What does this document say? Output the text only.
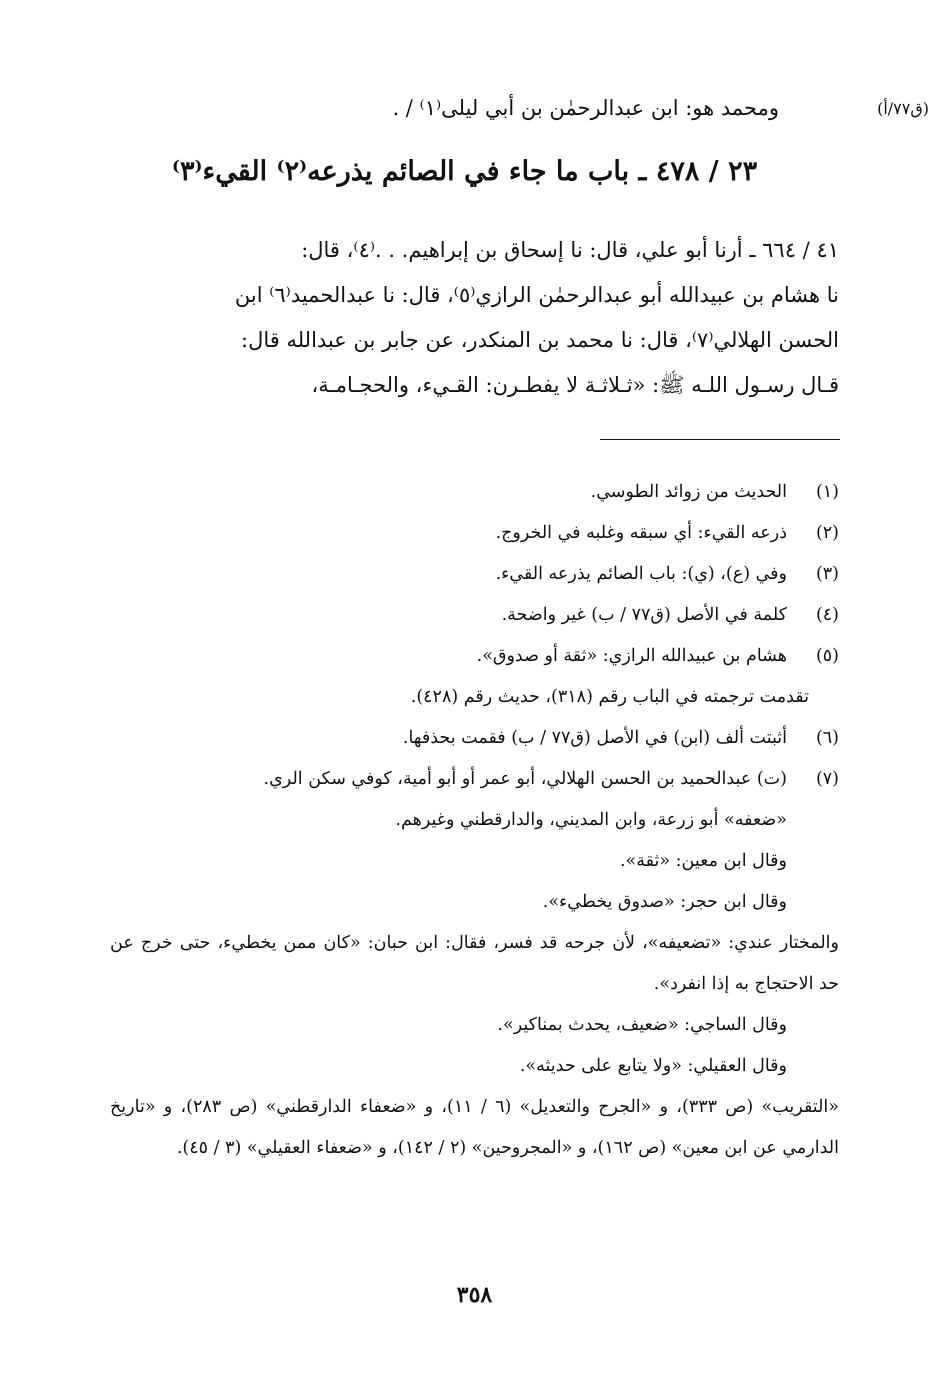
(ق٧٧/أ)
ومحمد هو: ابن عبدالرحمٰن بن أبي ليلى⁽١⁾ / .
٢٣ / ٤٧٨ ـ باب ما جاء في الصائم يذرعه⁽٢⁾ القيء⁽٣⁾

٤١ / ٦٦٤ ـ أرنا أبو علي، قال: نا إسحاق بن إبراهيم. . .⁽٤⁾، قال:

نا هشام بن عبيدالله أبو عبدالرحمٰن الرازي⁽٥⁾، قال: نا عبدالحميد⁽٦⁾ ابن

الحسن الهلالي⁽٧⁾، قال: نا محمد بن المنكدر، عن جابر بن عبدالله قال:

قـال رسـول اللـه ﷺ: «ثـلاثـة لا يفطـرن: القـيء، والحجـامـة،

(١)الحديث من زوائد الطوسي.

(٢)ذرعه القيء: أي سبقه وغلبه في الخروج.

(٣)وفي (ع)، (ي): باب الصائم يذرعه القيء.

(٤)كلمة في الأصل (ق٧٧ / ب) غير واضحة.

(٥)هشام بن عبيدالله الرازي: «ثقة أو صدوق».

تقدمت ترجمته في الباب رقم (٣١٨)، حديث رقم (٤٢٨).

(٦)أثبتت ألف (ابن) في الأصل (ق٧٧ / ب) فقمت بحذفها.

(٧)(ت) عبدالحميد بن الحسن الهلالي، أبو عمر أو أبو أمية، كوفي سكن الري.

«ضعفه» أبو زرعة، وابن المديني، والدارقطني وغيرهم.

وقال ابن معين: «ثقة».

وقال ابن حجر: «صدوق يخطيء».

والمختار عندي: «تضعيفه»، لأن جرحه قد فسر، فقال: ابن حبان: «كان ممن يخطيء، حتى خرج عن حد الاحتجاج به إذا انفرد».

وقال الساجي: «ضعيف، يحدث بمناكير».

وقال العقيلي: «ولا يتابع على حديثه».

«التقريب» (ص ٣٣٣)، و «الجرح والتعديل» (٦ / ١١)، و «ضعفاء الدارقطني» (ص ٢٨٣)، و «تاريخ الدارمي عن ابن معين» (ص ١٦٢)، و «المجروحين» (٢ / ١٤٢)، و «ضعفاء العقيلي» (٣ / ٤٥).

٣٥٨
